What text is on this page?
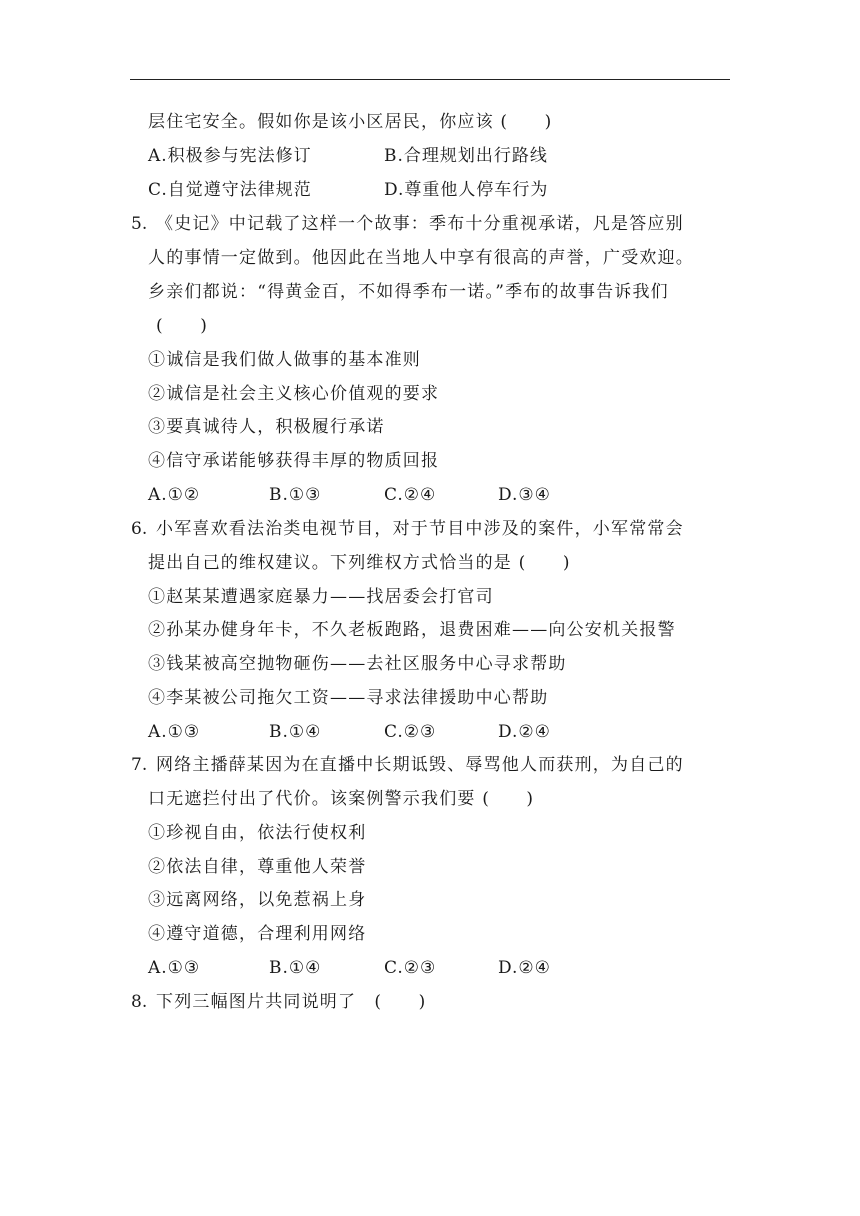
层住宅安全。假如你是该小区居民，你应该 (　　)
A.积极参与宪法修订	B.合理规划出行路线
C.自觉遵守法律规范	D.尊重他人停车行为
5. 《史记》中记载了这样一个故事：季布十分重视承诺，凡是答应别
人的事情一定做到。他因此在当地人中享有很高的声誉，广受欢迎。
乡亲们都说：“得黄金百，不如得季布一诺。”季布的故事告诉我们
(　　)
①诚信是我们做人做事的基本准则
②诚信是社会主义核心价值观的要求
③要真诚待人，积极履行承诺
④信守承诺能够获得丰厚的物质回报
A.①②	B.①③	C.②④	D.③④
6. 小军喜欢看法治类电视节目，对于节目中涉及的案件，小军常常会
提出自己的维权建议。下列维权方式恰当的是 (　　)
①赵某某遭遇家庭暴力——找居委会打官司
②孙某办健身年卡，不久老板跑路，退费困难——向公安机关报警
③钱某被高空抛物砸伤——去社区服务中心寻求帮助
④李某被公司拖欠工资——寻求法律援助中心帮助
A.①③	B.①④	C.②③	D.②④
7. 网络主播薛某因为在直播中长期诋毁、辱骂他人而获刑，为自己的
口无遮拦付出了代价。该案例警示我们要 (　　)
①珍视自由，依法行使权利
②依法自律，尊重他人荣誉
③远离网络，以免惹祸上身
④遵守道德，合理利用网络
A.①③	B.①④	C.②③	D.②④
8. 下列三幅图片共同说明了　(　　)
